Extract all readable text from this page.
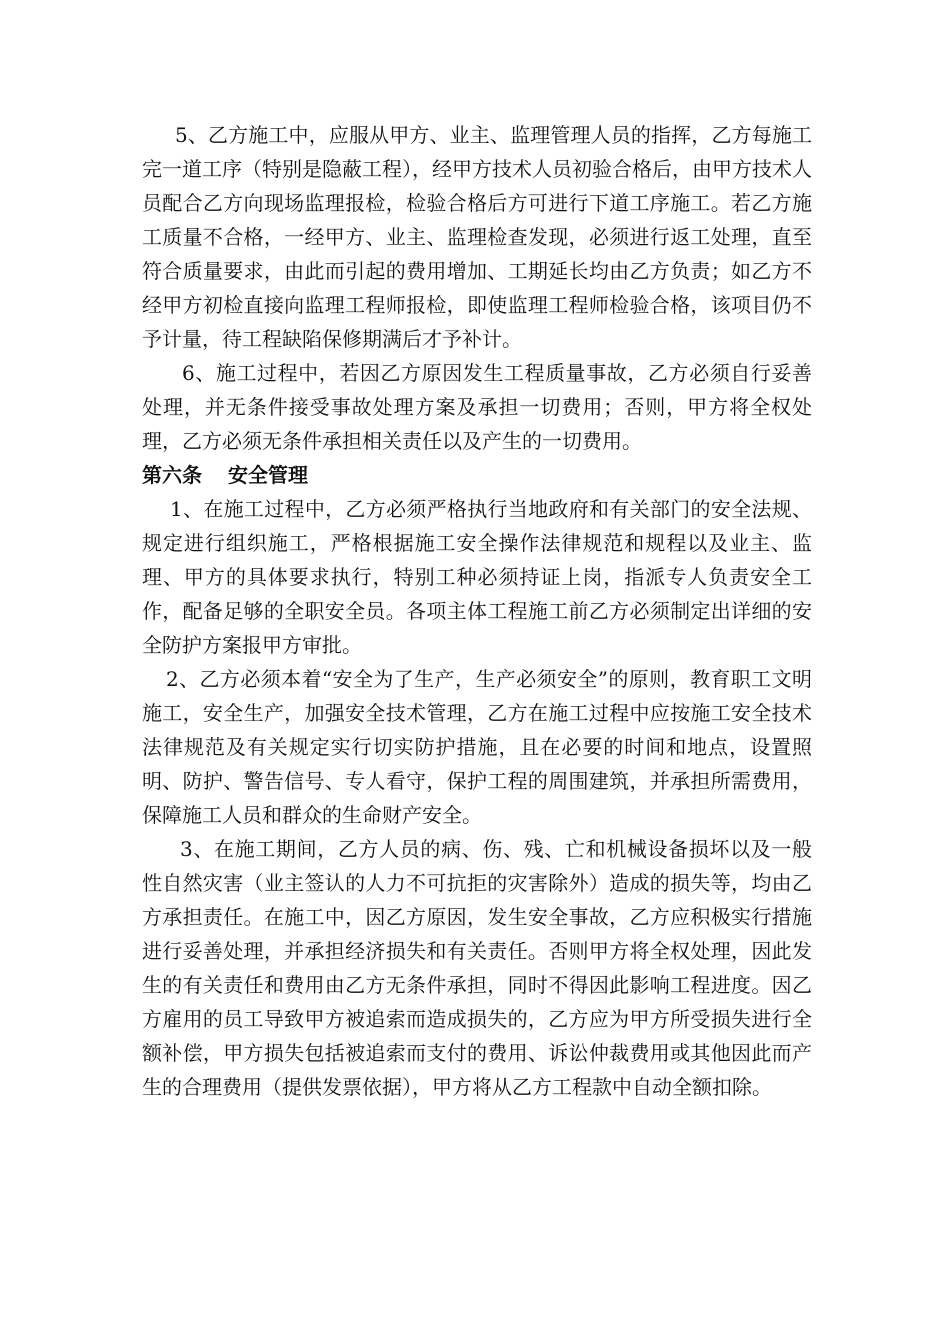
5、乙方施工中，应服从甲方、业主、监理管理人员的指挥，乙方每施工完一道工序（特别是隐蔽工程），经甲方技术人员初验合格后，由甲方技术人员配合乙方向现场监理报检，检验合格后方可进行下道工序施工。若乙方施工质量不合格，一经甲方、业主、监理检查发现，必须进行返工处理，直至符合质量要求，由此而引起的费用增加、工期延长均由乙方负责；如乙方不经甲方初检直接向监理工程师报检，即使监理工程师检验合格，该项目仍不予计量，待工程缺陷保修期满后才予补计。

6、施工过程中，若因乙方原因发生工程质量事故，乙方必须自行妥善处理，并无条件接受事故处理方案及承担一切费用；否则，甲方将全权处理，乙方必须无条件承担相关责任以及产生的一切费用。

第六条 安全管理

1、在施工过程中，乙方必须严格执行当地政府和有关部门的安全法规、规定进行组织施工，严格根据施工安全操作法律规范和规程以及业主、监理、甲方的具体要求执行，特别工种必须持证上岗，指派专人负责安全工作，配备足够的全职安全员。各项主体工程施工前乙方必须制定出详细的安全防护方案报甲方审批。

2、乙方必须本着“安全为了生产，生产必须安全”的原则，教育职工文明施工，安全生产，加强安全技术管理，乙方在施工过程中应按施工安全技术法律规范及有关规定实行切实防护措施，且在必要的时间和地点，设置照明、防护、警告信号、专人看守，保护工程的周围建筑，并承担所需费用，保障施工人员和群众的生命财产安全。

3、在施工期间，乙方人员的病、伤、残、亡和机械设备损坏以及一般性自然灾害（业主签认的人力不可抗拒的灾害除外）造成的损失等，均由乙方承担责任。在施工中，因乙方原因，发生安全事故，乙方应积极实行措施进行妥善处理，并承担经济损失和有关责任。否则甲方将全权处理，因此发生的有关责任和费用由乙方无条件承担，同时不得因此影响工程进度。因乙方雇用的员工导致甲方被追索而造成损失的，乙方应为甲方所受损失进行全额补偿，甲方损失包括被追索而支付的费用、诉讼仲裁费用或其他因此而产生的合理费用（提供发票依据），甲方将从乙方工程款中自动全额扣除。
